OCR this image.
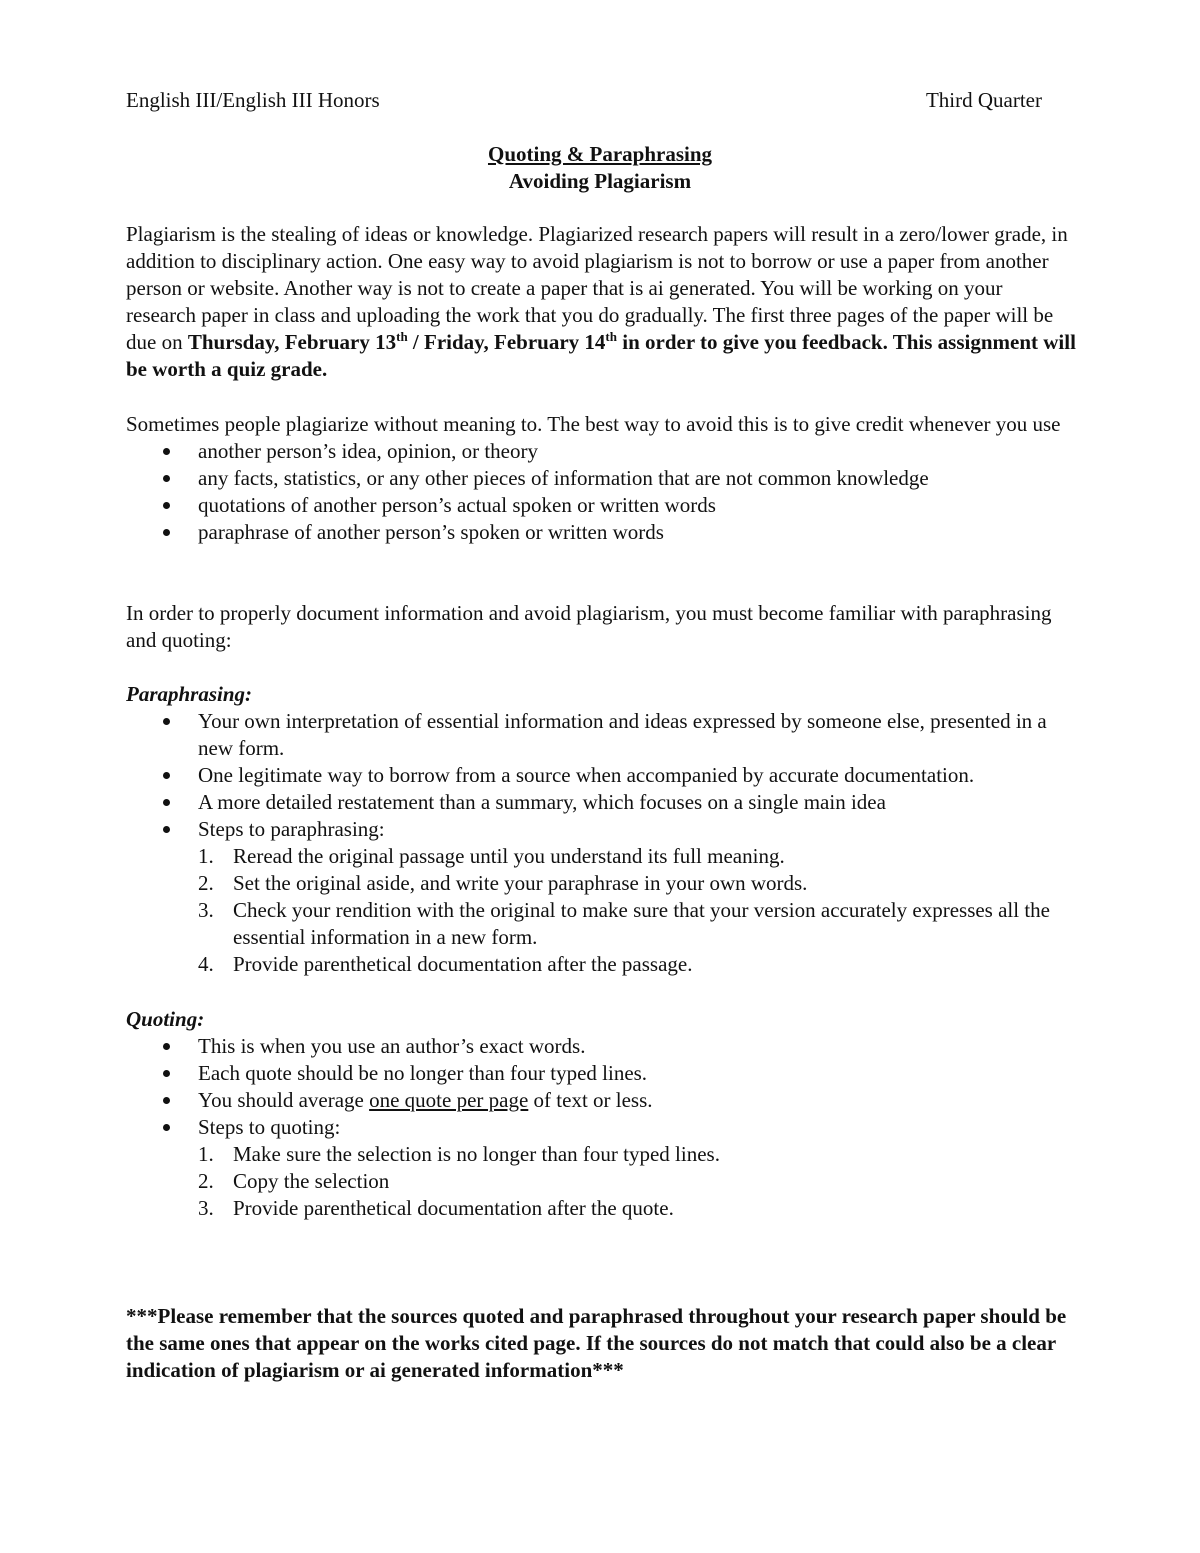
English III/English III Honors	Third Quarter
Quoting & Paraphrasing
Avoiding Plagiarism

Plagiarism is the stealing of ideas or knowledge. Plagiarized research papers will result in a zero/lower grade, in addition to disciplinary action. One easy way to avoid plagiarism is not to borrow or use a paper from another person or website. Another way is not to create a paper that is ai generated. You will be working on your research paper in class and uploading the work that you do gradually. The first three pages of the paper will be due on Thursday, February 13th / Friday, February 14th in order to give you feedback. This assignment will be worth a quiz grade.

Sometimes people plagiarize without meaning to. The best way to avoid this is to give credit whenever you use

another person’s idea, opinion, or theory
any facts, statistics, or any other pieces of information that are not common knowledge
quotations of another person’s actual spoken or written words
paraphrase of another person’s spoken or written words

In order to properly document information and avoid plagiarism, you must become familiar with paraphrasing and quoting:

Paraphrasing:

Your own interpretation of essential information and ideas expressed by someone else, presented in a new form.
One legitimate way to borrow from a source when accompanied by accurate documentation.
A more detailed restatement than a summary, which focuses on a single main idea
Steps to paraphrasing:
1. Reread the original passage until you understand its full meaning.
2. Set the original aside, and write your paraphrase in your own words.
3. Check your rendition with the original to make sure that your version accurately expresses all the essential information in a new form.
4. Provide parenthetical documentation after the passage.

Quoting:

This is when you use an author’s exact words.
Each quote should be no longer than four typed lines.
You should average one quote per page of text or less.
Steps to quoting:
1. Make sure the selection is no longer than four typed lines.
2. Copy the selection
3. Provide parenthetical documentation after the quote.

***Please remember that the sources quoted and paraphrased throughout your research paper should be the same ones that appear on the works cited page. If the sources do not match that could also be a clear indication of plagiarism or ai generated information***
